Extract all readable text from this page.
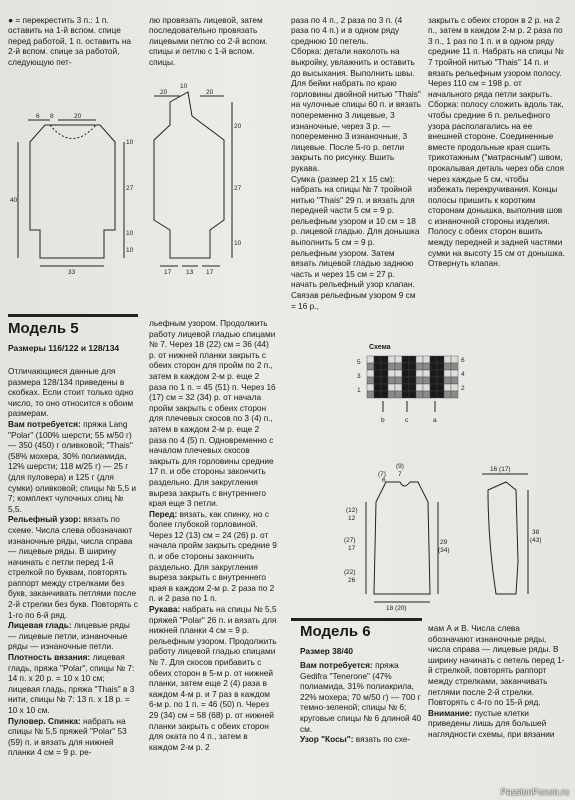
● = перекрестить 3 п.: 1 п. оставить на 1-й вспом. спице перед работой, 1 п. оставить на 2-й вспом. спице за работой, следующую пет-

лю провязать лицевой, затем последовательно провязать лицевыми петлю со 2-й вспом. спицы и петлю с 1-й вспом. спицы.

раза по 4 п., 2 раза по 3 п. (4 раза по 4 п.) и в одном ряду среднюю 10 петель.
Сборка: детали наколоть на выкройку, увлажнить и оставить до высыхания. Выполнить швы. Для бейки набрать по краю горловины двойной нитью "Thais" на чулочные спицы 60 п. и вязать попеременно 3 лицевые, 3 изнаночные, через 3 р. — попеременно 3 изнаночные, 3 лицевые. После 5-го р. петли закрыть по рисунку. Вшить рукава.
Сумка (размер 21 х 15 см): набрать на спицы № 7 тройной нитью "Thais" 29 п. и вязать для передней части 5 см = 9 р. рельефным узором и 10 см = 18 р. лицевой гладью. Для донышка выполнить 5 см = 9 р. рельефным узором. Затем вязать лицевой гладью заднюю часть и через 15 см = 27 р. начать рельефный узор клапан. Связав рельефным узором 9 см = 16 р.,

закрыть с обеих сторон в 2 р. на 2 п., затем в каждом 2-м р. 2 раза по 3 п., 1 раз по 1 п. и в одном ряду средние 11 п. Набрать на спицы № 7 тройной нитью "Thais" 14 п. и вязать рельефным узором полосу. Через 110 см = 198 р. от начального ряда петли закрыть.
Сборка: полосу сложить вдоль так, чтобы средние 6 п. рельефного узора располагались на ее внешней стороне. Соединенные вместе продольные края сшить трикотажным ("матрасным") швом, прокалывая деталь через оба слоя через каждые 5 см, чтобы избежать перекручивания. Концы полосы пришить к коротким сторонам донышка, выполнив шов с изнаночной стороны изделия. Полосу с обеих сторон вшить между передней и задней частями сумки на высоту 15 см от донышка. Отвернуть клапан.

6 8	20
20
10
20
10
20
10
10
27	27
10
33	17 13 17
40
Модель 5

Размеры 116/122 и 128/134

Отличающиеся данные для размера 128/134 приведены в скобках. Если стоит только одно число, то оно относится к обоим размерам.
Вам потребуется: пряжа Lang "Polar" (100% шерсти; 55 м/50 г) — 350 (450) г оливковой; "Thais" (58% мохера, 30% полиамида, 12% шерсти; 118 м/25 г) — 25 г (для пуловера) и 125 г (для сумки) оливковой; спицы № 5,5 и 7; комплект чулочных спиц № 5,5.
Рельефный узор: вязать по схеме. Числа слева обозначают изнаночные ряды, числа справа — лицевые ряды. В ширину начинать с петли перед 1-й стрелкой по буквам, повторять раппорт между стрелками без букв, заканчивать петлями после 2-й стрелки без букв. Повторять с 1-го по 6-й ряд.
Лицевая гладь: лицевые ряды — лицевые петли, изнаночные ряды — изнаночные петли.
Плотность вязания: лицевая гладь, пряжа "Polar", спицы № 7: 14 п. х 20 р. = 10 х 10 см; лицевая гладь, пряжа "Thais" в 3 нити, спицы № 7: 13 п. х 18 р. = 10 х 10 см.
Пуловер. Спинка: набрать на спицы № 5,5 пряжей "Polar" 53 (59) п. и вязать для нижней планки 4 см = 9 р. ре-
льефным узором. Продолжить работу лицевой гладью спицами № 7. Через 18 (22) см = 36 (44) р. от нижней планки закрыть с обеих сторон для пройм по 2 п., затем в каждом 2-м р. еще 2 раза по 1 п. = 45 (51) п. Через 16 (17) см = 32 (34) р. от начала пройм закрыть с обеих сторон для плечевых скосов по 3 (4) п., затем в каждом 2-м р. еще 2 раза по 4 (5) п. Одновременно с началом плечевых скосов закрыть для горловины средние 17 п. и обе стороны закончить раздельно. Для закругления выреза закрыть с внутреннего края еще 3 петли.
Перед: вязать, как спинку, но с более глубокой горловиной. Через 12 (13) см = 24 (26) р. от начала пройм закрыть средние 9 п. и обе стороны закончить раздельно. Для закругления выреза закрыть с внутреннего края в каждом 2-м р. 2 раза по 2 п. и 2 раза по 1 п.
Рукава: набрать на спицы № 5,5 пряжей "Polar" 26 п. и вязать для нижней планки 4 см = 9 р. рельефным узором. Продолжить работу лицевой гладью спицами № 7. Для скосов прибавить с обеих сторон в 5-м р. от нижней планки, затем еще 2 (4) раза в каждом 4-м р. и 7 раз в каждом 6-м р. по 1 п. = 46 (50) п. Через 29 (34) см = 58 (68) р. от нижней планки закрыть с обеих сторон для оката по 4 п., затем в каждом 2-м р. 2
Схема
5
3
1
6
4
2
b	c	a
(9)
7
(7)
6
(12)
12
(27)
17
(22)
26
29
(34)
18 (20)
16 (17)
38
(43)
Модель 6

Размер 38/40

Вам потребуется: пряжа Gedifra "Tenerone" (47% полиамида, 31% полиакрила, 22% мохера; 70 м/50 г) — 700 г темно-зеленой; спицы № 6; круговые спицы № 6 длиной 40 см.
Узор "Косы": вязать по схе-
мам А и В. Числа слева обозначают изнаночные ряды, числа справа — лицевые ряды. В ширину начинать с петель перед 1-й стрелкой, повторять раппорт между стрелками, заканчивать петлями после 2-й стрелки. Повторять с 4-го по 15-й ряд.
Внимание: пустые клетки приведены лишь для большей наглядности схемы, при вязании
PassionForum.ru
